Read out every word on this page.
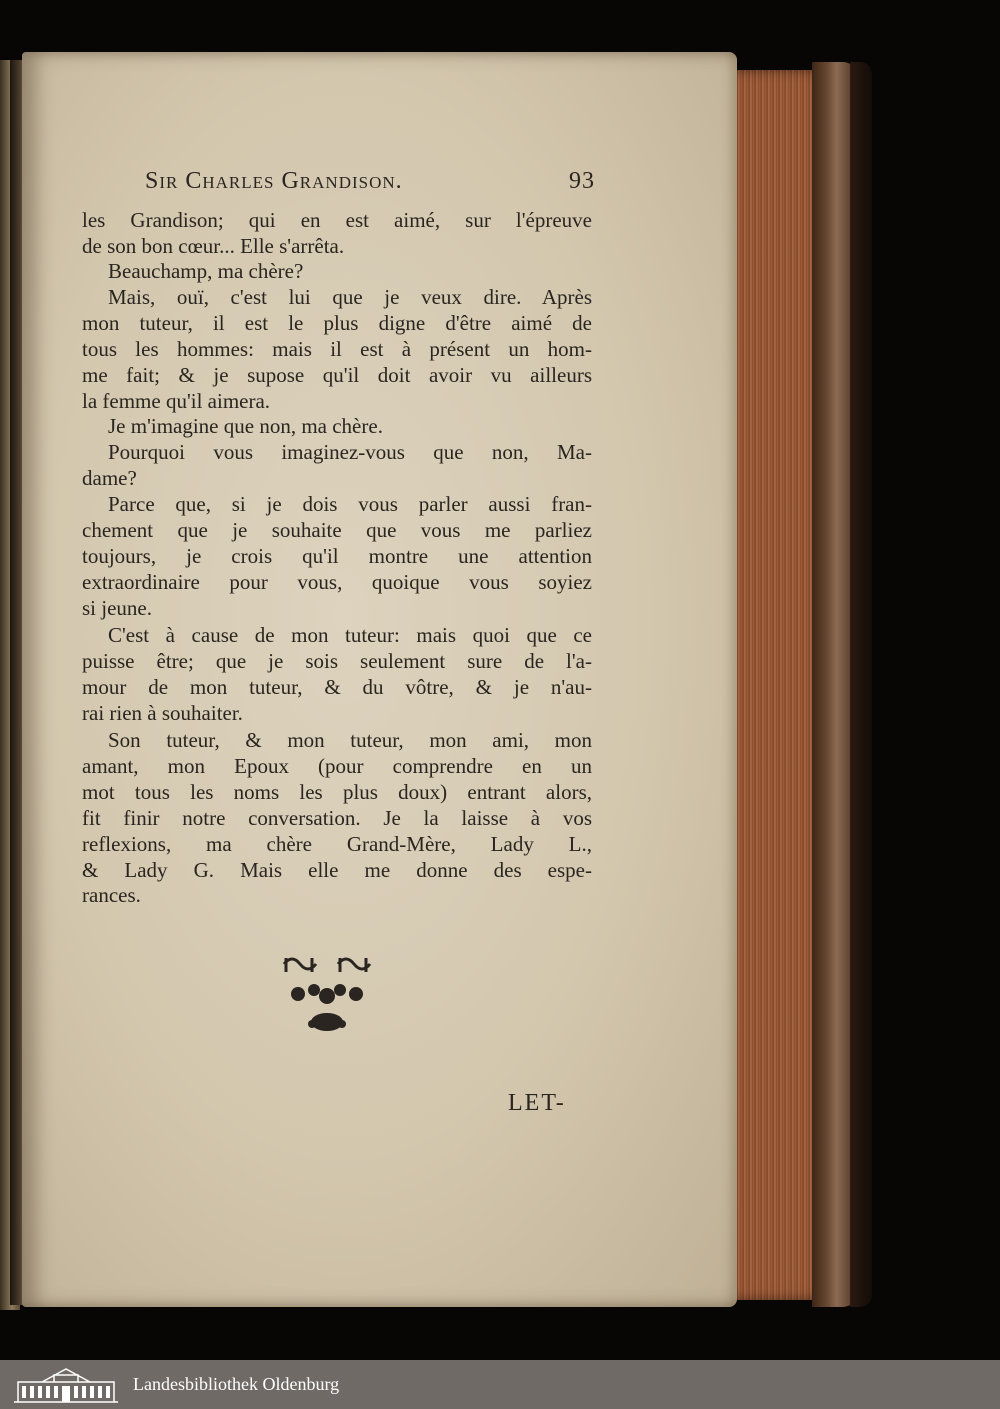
Sir Charles Grandison.	93
les Grandison; qui en est aimé, sur l'épreuve
de son bon cœur... Elle s'arrêta.
Beauchamp, ma chère?
Mais, ouï, c'est lui que je veux dire. Après
mon tuteur, il est le plus digne d'être aimé de
tous les hommes: mais il est à présent un hom-
me fait; & je supose qu'il doit avoir vu ailleurs
la femme qu'il aimera.
Je m'imagine que non, ma chère.
Pourquoi vous imaginez-vous que non, Ma-
dame?
Parce que, si je dois vous parler aussi fran-
chement que je souhaite que vous me parliez
toujours, je crois qu'il montre une attention
extraordinaire pour vous, quoique vous soyiez
si jeune.
C'est à cause de mon tuteur: mais quoi que ce
puisse être; que je sois seulement sure de l'a-
mour de mon tuteur, & du vôtre, & je n'au-
rai rien à souhaiter.
Son tuteur, & mon tuteur, mon ami, mon
amant, mon Epoux (pour comprendre en un
mot tous les noms les plus doux) entrant alors,
fit finir notre conversation. Je la laisse à vos
reflexions, ma chère Grand-Mère, Lady L.,
& Lady G. Mais elle me donne des espe-
rances.
LET-
Landesbibliothek Oldenburg
